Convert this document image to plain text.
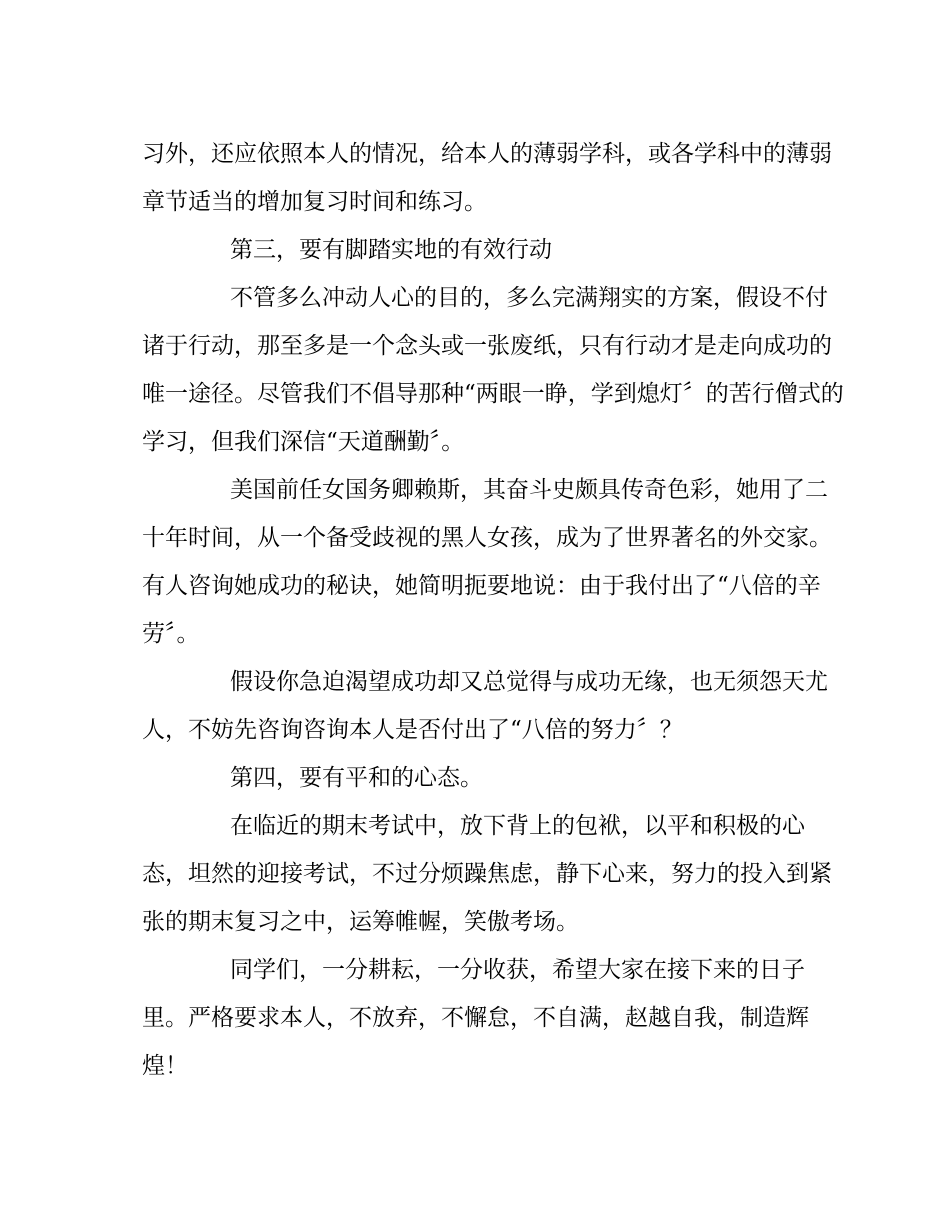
习外，还应依照本人的情况，给本人的薄弱学科，或各学科中的薄弱
章节适当的增加复习时间和练习。
第三，要有脚踏实地的有效行动
不管多么冲动人心的目的，多么完满翔实的方案，假设不付
诸于行动，那至多是一个念头或一张废纸，只有行动才是走向成功的
唯一途径。尽管我们不倡导那种“两眼一睁，学到熄灯〞的苦行僧式的
学习，但我们深信“天道酬勤〞。
美国前任女国务卿赖斯，其奋斗史颇具传奇色彩，她用了二
十年时间，从一个备受歧视的黑人女孩，成为了世界著名的外交家。
有人咨询她成功的秘诀，她简明扼要地说：由于我付出了“八倍的辛
劳〞。
假设你急迫渴望成功却又总觉得与成功无缘，也无须怨天尤
人，不妨先咨询咨询本人是否付出了“八倍的努力〞？
第四，要有平和的心态。
在临近的期末考试中，放下背上的包袱，以平和积极的心
态，坦然的迎接考试，不过分烦躁焦虑，静下心来，努力的投入到紧
张的期末复习之中，运筹帷幄，笑傲考场。
同学们，一分耕耘，一分收获，希望大家在接下来的日子
里。严格要求本人，不放弃，不懈怠，不自满，赵越自我，制造辉
煌！
